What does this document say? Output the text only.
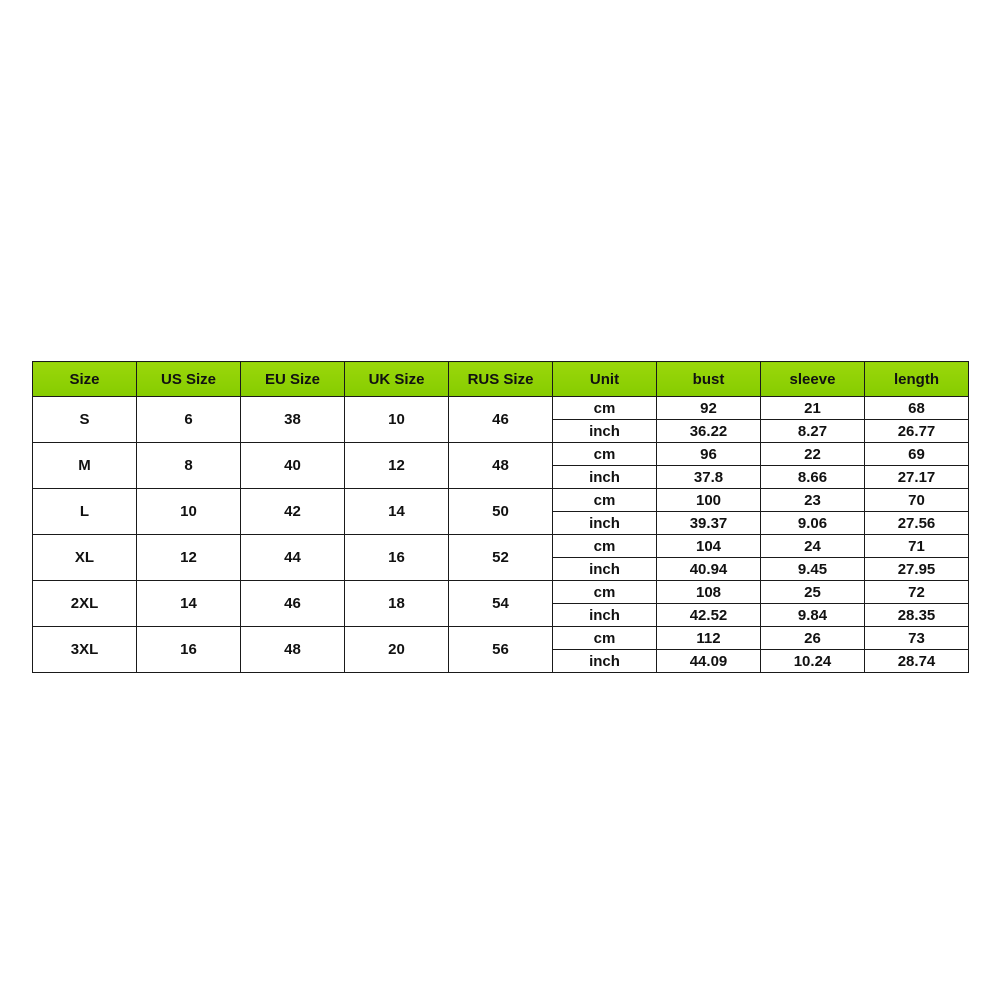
Size	US Size	EU Size	UK Size	RUS Size	Unit	bust	sleeve	length
S	6	38	10	46	cm	92	21	68
					inch	36.22	8.27	26.77
M	8	40	12	48	cm	96	22	69
					inch	37.8	8.66	27.17
L	10	42	14	50	cm	100	23	70
					inch	39.37	9.06	27.56
XL	12	44	16	52	cm	104	24	71
					inch	40.94	9.45	27.95
2XL	14	46	18	54	cm	108	25	72
					inch	42.52	9.84	28.35
3XL	16	48	20	56	cm	112	26	73
					inch	44.09	10.24	28.74
